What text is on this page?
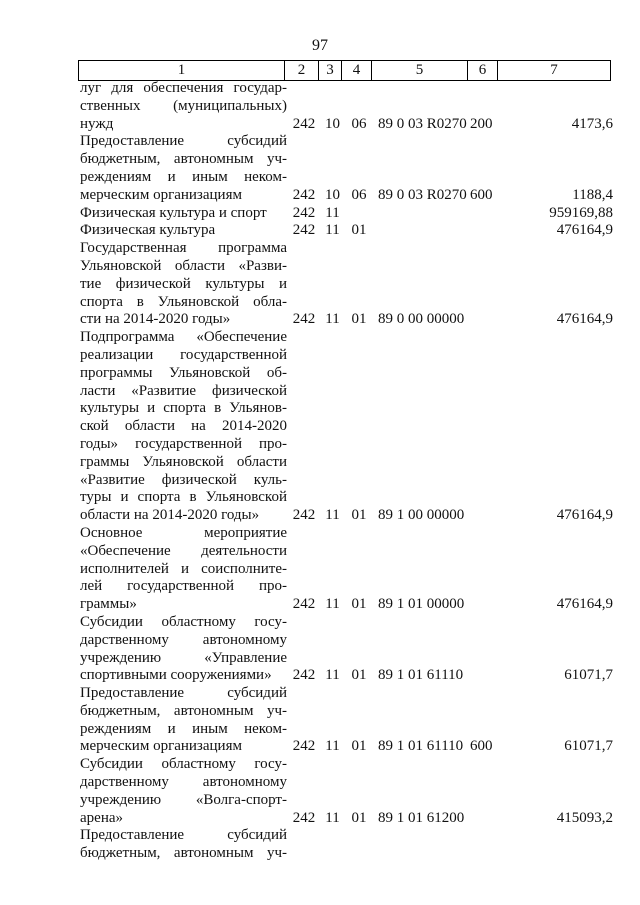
97
1	2	3	4	5	6	7
луг для обеспечения государ-
ственных (муниципальных)
нужд	242 10 06 89 0 03 R0270 200	4173,6
Предоставление субсидий
бюджетным, автономным уч-
реждениям и иным неком-
мерческим организациям	242 10 06 89 0 03 R0270 600	1188,4
Физическая культура и спорт	242 11	959169,88
Физическая культура	242 11 01	476164,9
Государственная программа
Ульяновской области «Разви-
тие физической культуры и
спорта в Ульяновской обла-
сти на 2014-2020 годы»	242 11 01 89 0 00 00000	476164,9
Подпрограмма «Обеспечение
реализации государственной
программы Ульяновской об-
ласти «Развитие физической
культуры и спорта в Ульянов-
ской области на 2014-2020
годы» государственной про-
граммы Ульяновской области
«Развитие физической куль-
туры и спорта в Ульяновской
области на 2014-2020 годы»	242 11 01 89 1 00 00000	476164,9
Основное мероприятие
«Обеспечение деятельности
исполнителей и соисполните-
лей государственной про-
граммы»	242 11 01 89 1 01 00000	476164,9
Субсидии областному госу-
дарственному автономному
учреждению «Управление
спортивными сооружениями»	242 11 01 89 1 01 61110	61071,7
Предоставление субсидий
бюджетным, автономным уч-
реждениям и иным неком-
мерческим организациям	242 11 01 89 1 01 61110 600	61071,7
Субсидии областному госу-
дарственному автономному
учреждению «Волга-спорт-
арена»	242 11 01 89 1 01 61200	415093,2
Предоставление субсидий
бюджетным, автономным уч-
